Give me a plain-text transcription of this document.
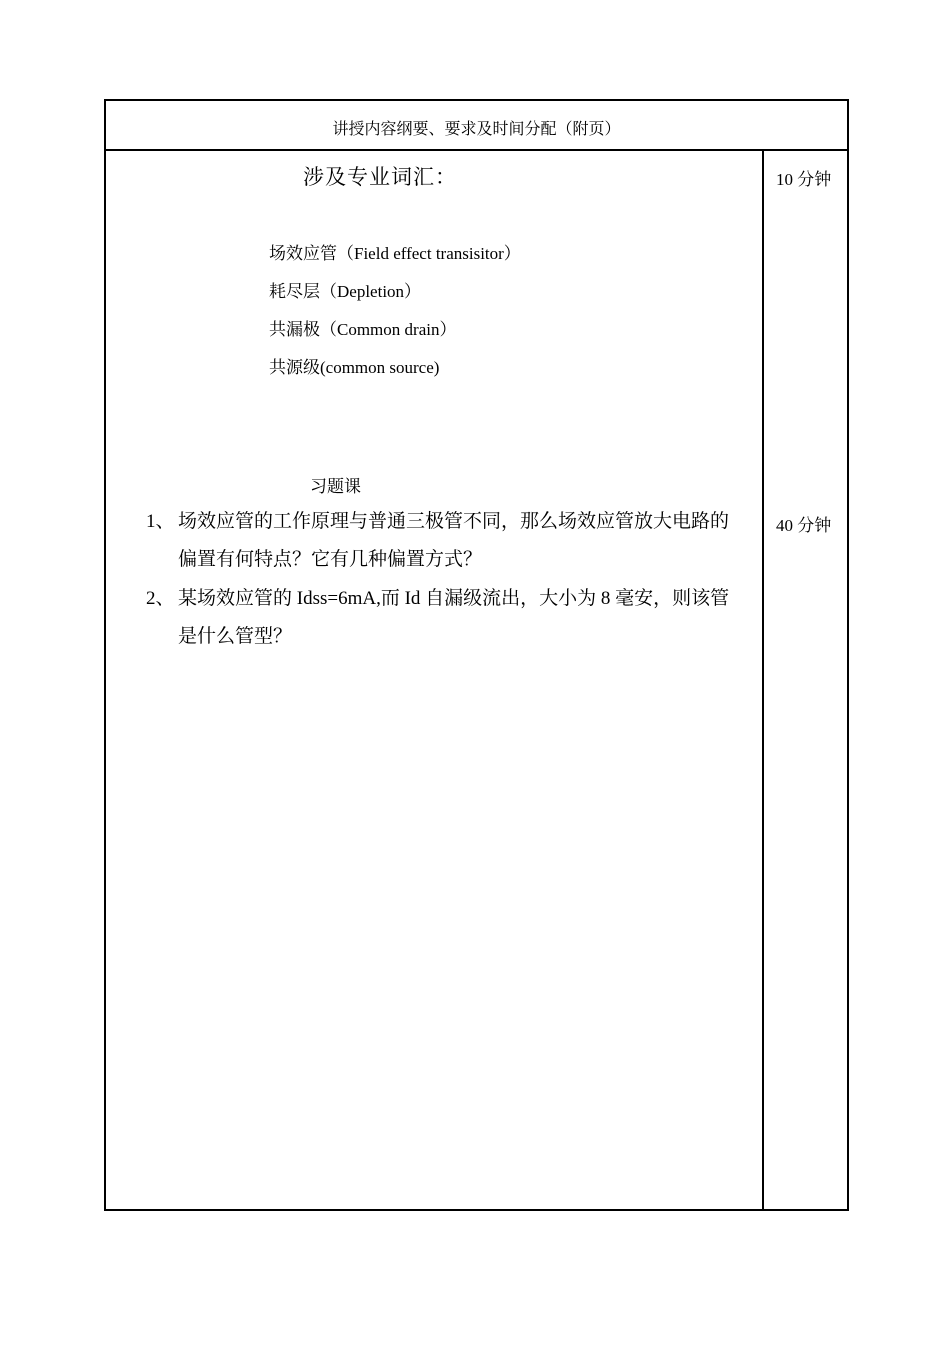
讲授内容纲要、要求及时间分配（附页）
涉及专业词汇：	10 分钟
场效应管（Field effect transisitor）
耗尽层（Depletion）
共漏极（Common drain）
共源级(common source)
习题课
40 分钟
1、 场效应管的工作原理与普通三极管不同，那么场效应管放大电路的
偏置有何特点？它有几种偏置方式？
2、 某场效应管的 Idss=6mA,而 Id 自漏级流出，大小为 8 毫安，则该管
是什么管型？
